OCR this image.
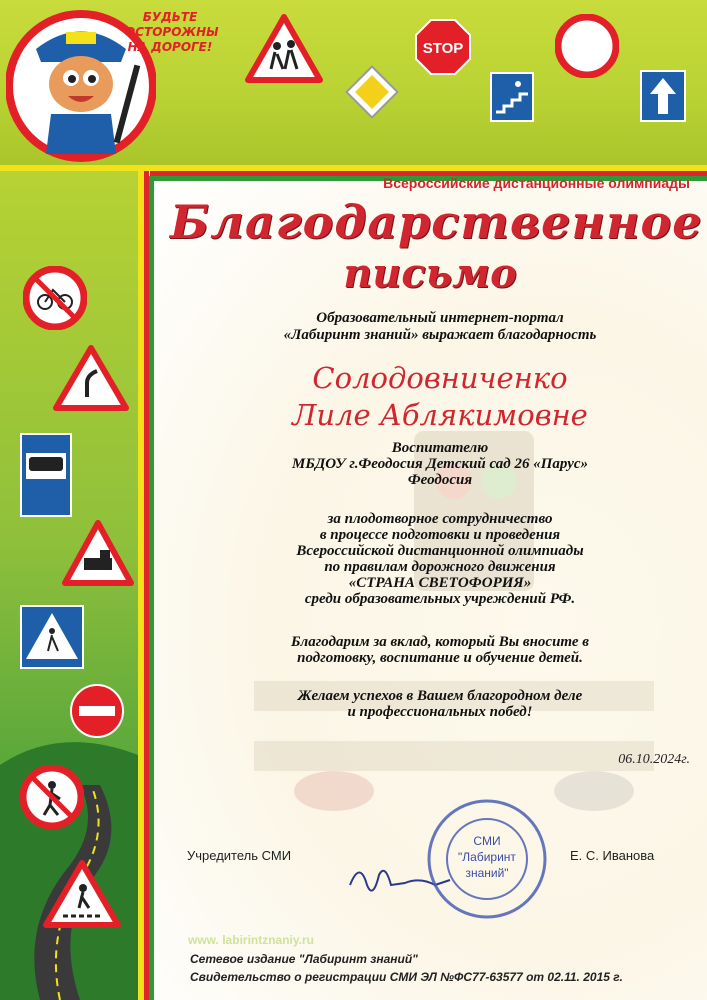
БУДЬТЕ
ОСТОРОЖНЫ
НА ДОРОГЕ!	STOP
Всероссийские дистанционные олимпиады
Благодарственное
письмо
Образовательный интернет-портал
«Лабиринт знаний» выражает благодарность
Солодовниченко
Лиле Аблякимовне
Воспитателю
МБДОУ г.Феодосия Детский сад 26 «Парус»
Феодосия
за плодотворное сотрудничество
в процессе подготовки и проведения
Всероссийской дистанционной олимпиады
по правилам дорожного движения
«СТРАНА СВЕТОФОРИЯ»
среди образовательных учреждений РФ.
Благодарим за вклад, который Вы вносите в
подготовку, воспитание и обучение детей.
Желаем успехов в Вашем благородном деле
и профессиональных побед!
06.10.2024г.
Учредитель СМИ
СМИ
"Лабиринт
знаний"
Е. С. Иванова
www. labirintznaniy.ru
Сетевое издание "Лабиринт знаний"
Свидетельство о регистрации СМИ ЭЛ №ФС77-63577 от 02.11. 2015 г.
